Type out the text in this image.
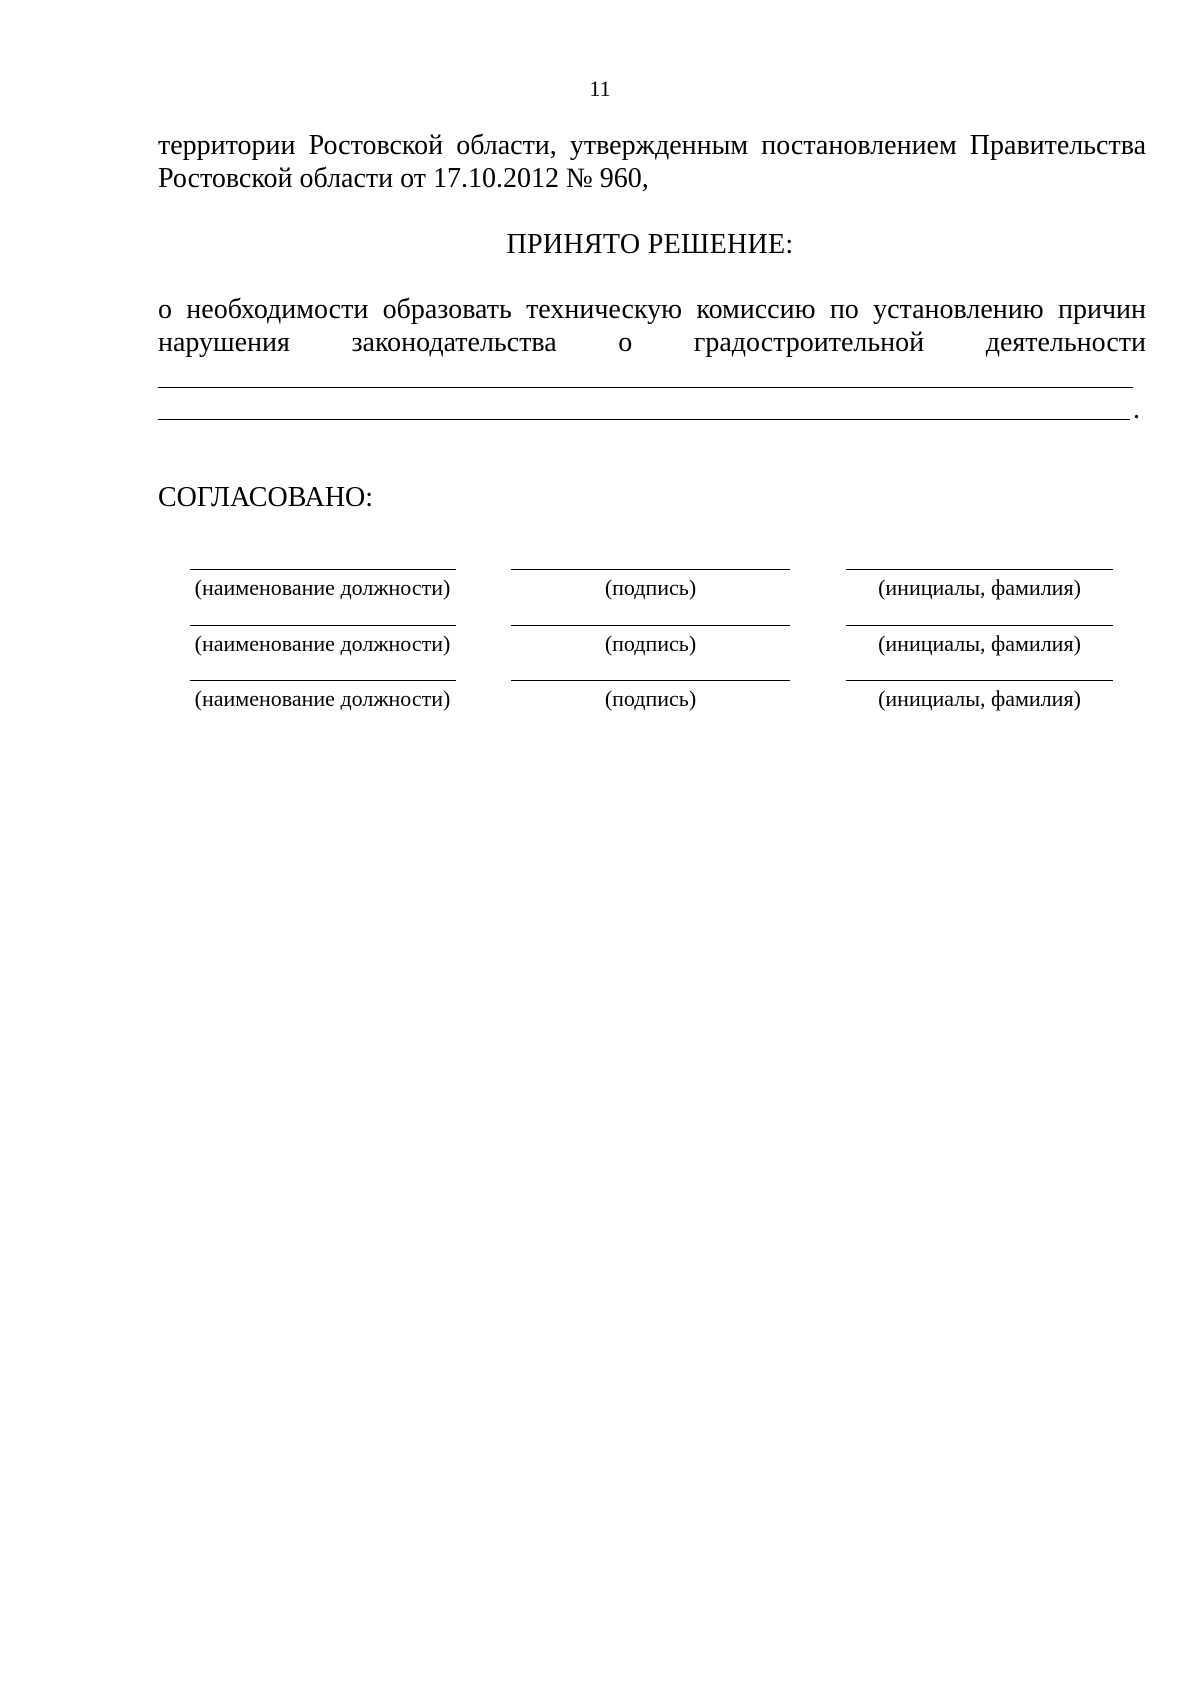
11
территории Ростовской области, утвержденным постановлением Правительства
Ростовской области от 17.10.2012 № 960,
ПРИНЯТО РЕШЕНИЕ:
о необходимости образовать техническую комиссию по установлению причин
нарушения законодательства о градостроительной деятельности
.
СОГЛАСОВАНО:
(наименование должности)	(подпись)	(инициалы, фамилия)
(наименование должности)	(подпись)	(инициалы, фамилия)
(наименование должности)	(подпись)	(инициалы, фамилия)
